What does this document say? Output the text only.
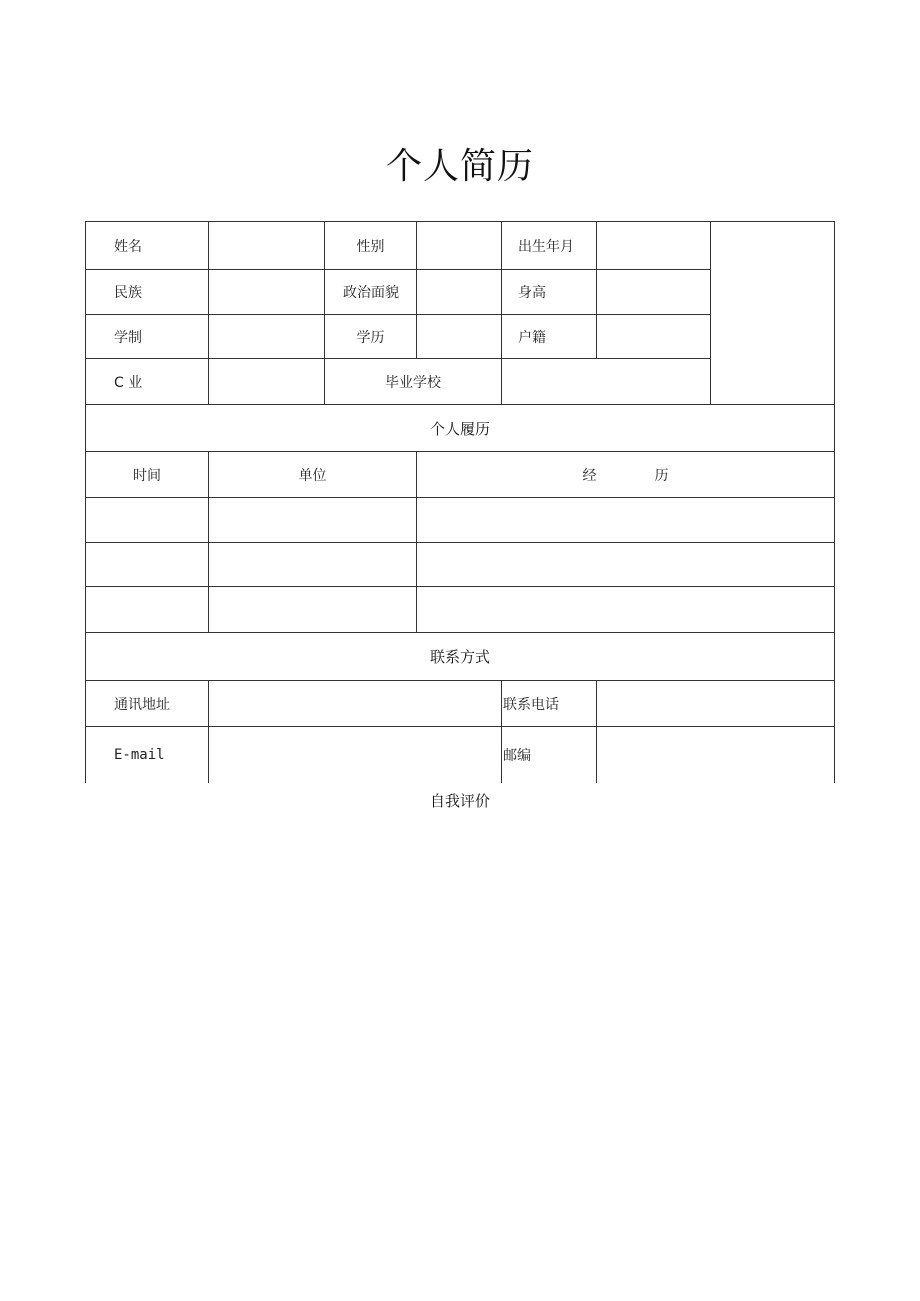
个人简历
姓名		性别		出生年月		
民族		政治面貌		身高		
学制		学历		户籍		
C 业		毕业学校				
个人履历						
时间	单位		经 历			

联系方式						
通讯地址				联系电话		
E-mail				邮编		
自我评价
